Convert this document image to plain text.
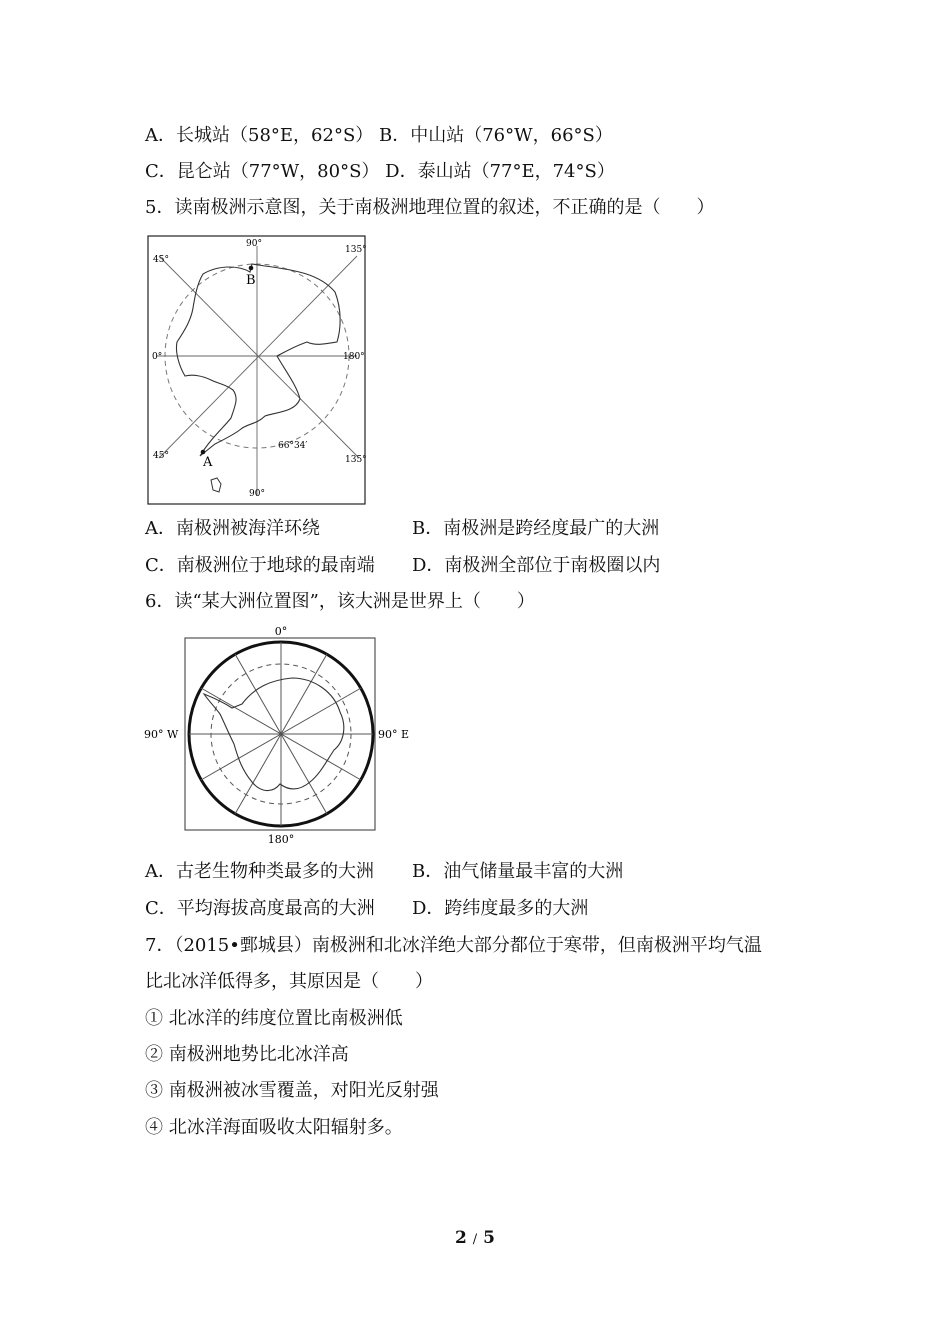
A．长城站（58°E，62°S） B．中山站（76°W，66°S）
C．昆仑站（77°W，80°S） D．泰山站（77°E，74°S）
5．读南极洲示意图，关于南极洲地理位置的叙述，不正确的是（　　）
90°
90°
0°	180°
45°
135°
45°	135°
66°34′
A
B
A．南极洲被海洋环绕	B．南极洲是跨经度最广的大洲
C．南极洲位于地球的最南端 D．南极洲全部位于南极圈以内
6．读“某大洲位置图”，该大洲是世界上（　　）
0°
180°
90° W	90° E
A．古老生物种类最多的大洲 B．油气储量最丰富的大洲
C．平均海拔高度最高的大洲 D．跨纬度最多的大洲
7．（2015•鄄城县）南极洲和北冰洋绝大部分都位于寒带，但南极洲平均气温
比北冰洋低得多，其原因是（　　）
① 北冰洋的纬度位置比南极洲低
② 南极洲地势比北冰洋高
③ 南极洲被冰雪覆盖，对阳光反射强
④ 北冰洋海面吸收太阳辐射多。
2 / 5
